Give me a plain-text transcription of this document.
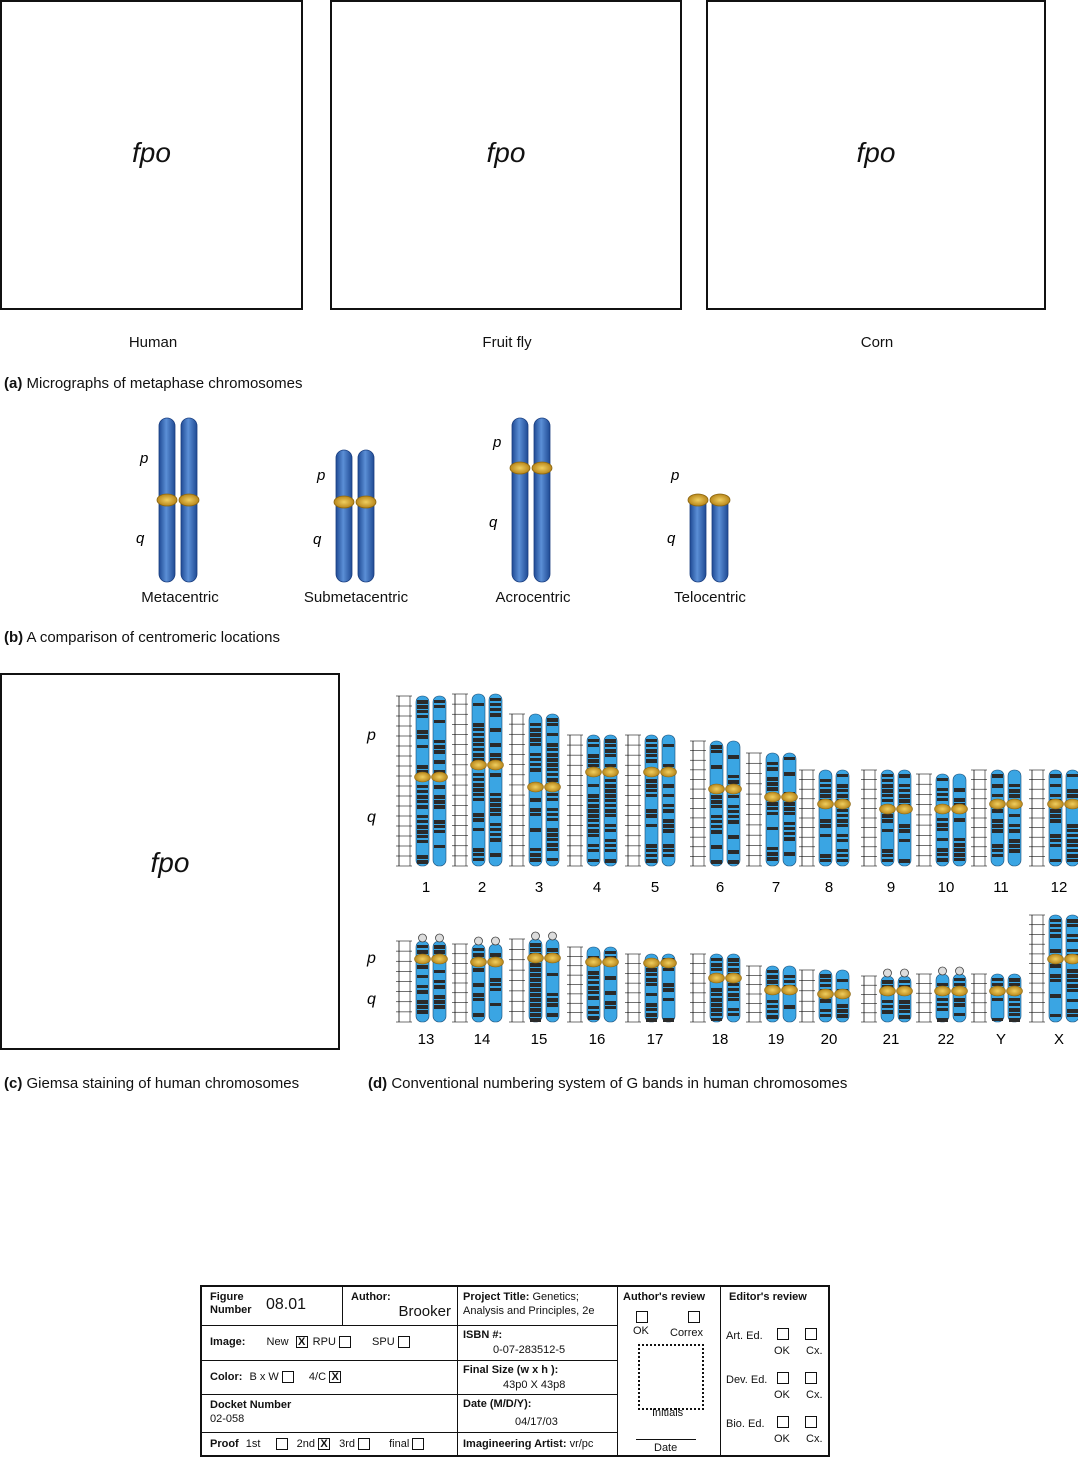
fpo	fpo	fpo
Human	Fruit fly	Corn
(a) Micrographs of metaphase chromosomes
p
q
p
q
p
q
p
q
Metacentric	Submetacentric	Acrocentric	Telocentric
(b) A comparison of centromeric locations
fpo
(c) Giemsa staining of human chromosomes
1	2	3	4	5	6	7	8	9	10	11	12
13	14	15	16	17	18	19 20	21	22	Y	X
p
q
p
q
(d) Conventional numbering system of G bands in human chromosomes
Figure Number 08.01	Author:
Brooker
Image: New X RPU	SPU
Color: B x W	4/C X
Docket Number
02-058
Proof 1st	2nd X 3rd	final
Project Title: Genetics; Analysis and Principles, 2e
ISBN #:
0-07-283512-5
Final Size (w x h ):
43p0 X 43p8
Date (M/D/Y):
04/17/03
Imagineering Artist: vr/pc
Author's review
OK Correx
Initials
Date
Editor's review
Art. Ed.
OK Cx.
Dev. Ed.
OK Cx.
Bio. Ed.
OK Cx.
